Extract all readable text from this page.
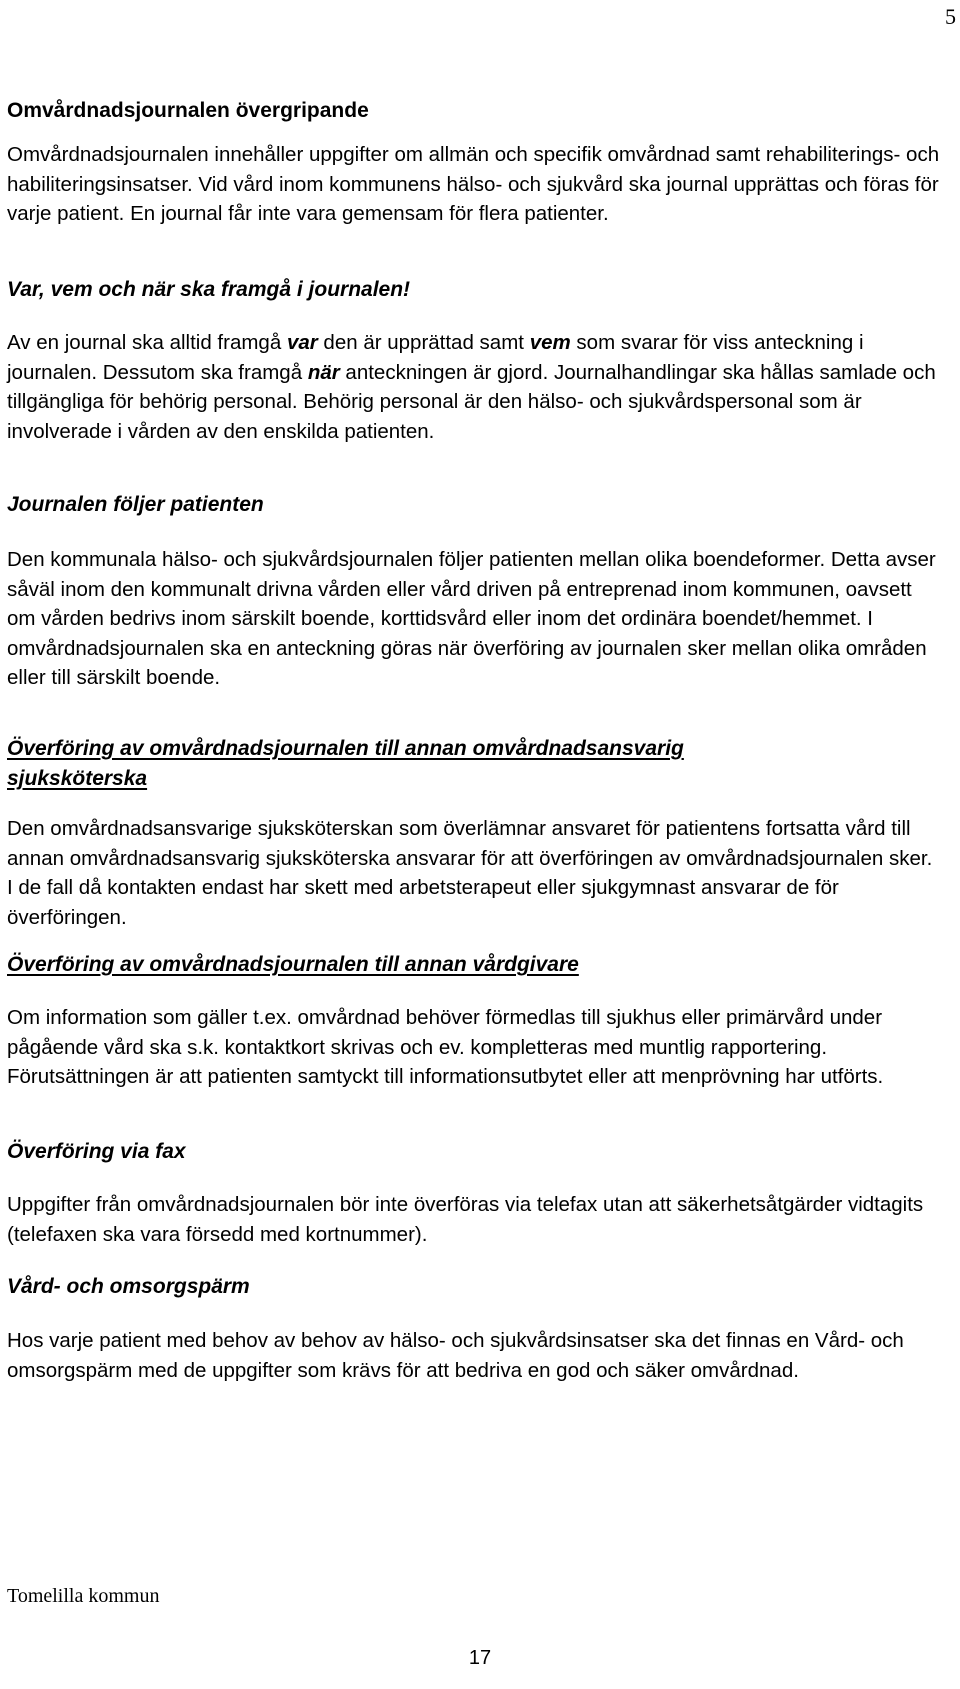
5
Omvårdnadsjournalen övergripande

Omvårdnadsjournalen innehåller uppgifter om allmän och specifik omvårdnad samt rehabiliterings- och habiliteringsinsatser. Vid vård inom kommunens hälso- och sjukvård ska journal upprättas och föras för varje patient. En journal får inte vara gemensam för flera patienter.

Var, vem och när ska framgå i journalen!

Av en journal ska alltid framgå var den är upprättad samt vem som svarar för viss anteckning i journalen. Dessutom ska framgå när anteckningen är gjord. Journalhandlingar ska hållas samlade och tillgängliga för behörig personal. Behörig personal är den hälso- och sjukvårdspersonal som är involverade i vården av den enskilda patienten.

Journalen följer patienten

Den kommunala hälso- och sjukvårdsjournalen följer patienten mellan olika boendeformer. Detta avser såväl inom den kommunalt drivna vården eller vård driven på entreprenad inom kommunen, oavsett om vården bedrivs inom särskilt boende, korttidsvård eller inom det ordinära boendet/hemmet. I omvårdnadsjournalen ska en anteckning göras när överföring av journalen sker mellan olika områden eller till särskilt boende.

Överföring av omvårdnadsjournalen till annan omvårdnadsansvarig sjuksköterska

Den omvårdnadsansvarige sjuksköterskan som överlämnar ansvaret för patientens fortsatta vård till annan omvårdnadsansvarig sjuksköterska ansvarar för att överföringen av omvårdnadsjournalen sker. I de fall då kontakten endast har skett med arbetsterapeut eller sjukgymnast ansvarar de för överföringen.

Överföring av omvårdnadsjournalen till annan vårdgivare

Om information som gäller t.ex. omvårdnad behöver förmedlas till sjukhus eller primärvård under pågående vård ska s.k. kontaktkort skrivas och ev. kompletteras med muntlig rapportering. Förutsättningen är att patienten samtyckt till informationsutbytet eller att menprövning har utförts.

Överföring via fax

Uppgifter från omvårdnadsjournalen bör inte överföras via telefax utan att säkerhetsåtgärder vidtagits (telefaxen ska vara försedd med kortnummer).

Vård- och omsorgspärm

Hos varje patient med behov av behov av hälso- och sjukvårdsinsatser ska det finnas en Vård- och omsorgspärm med de uppgifter som krävs för att bedriva en god och säker omvårdnad.

Tomelilla kommun
17
